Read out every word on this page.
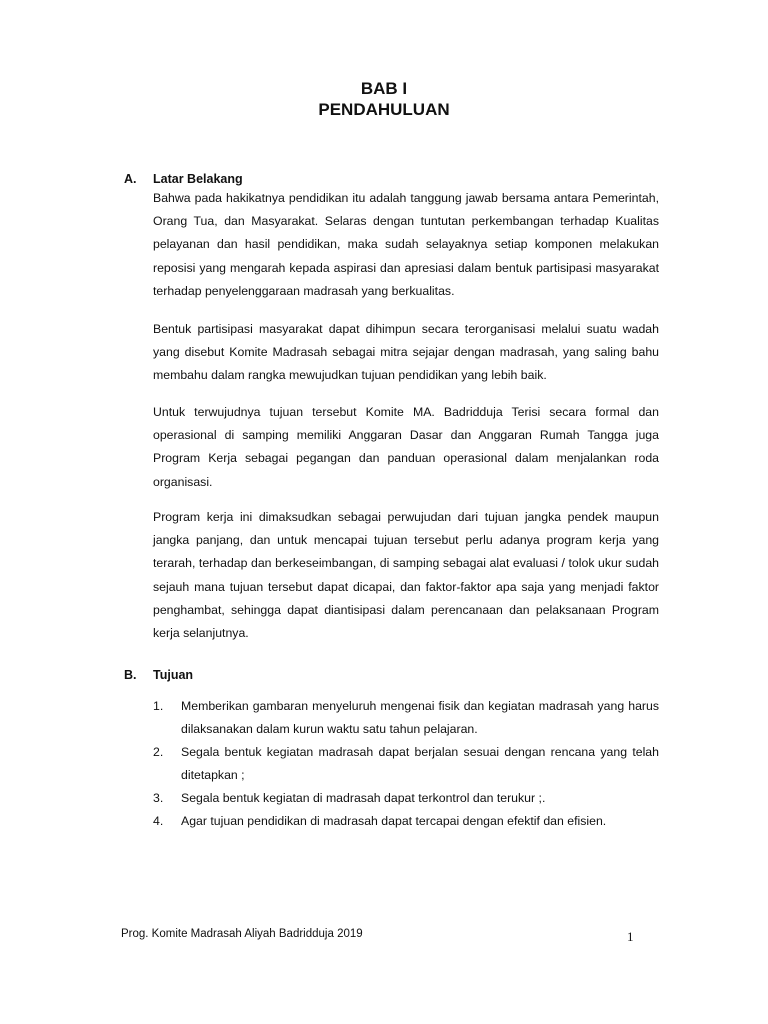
BAB I
PENDAHULUAN
A. Latar Belakang

Bahwa pada hakikatnya pendidikan itu adalah tanggung jawab bersama antara Pemerintah, Orang Tua, dan Masyarakat. Selaras dengan tuntutan perkembangan terhadap Kualitas pelayanan dan hasil pendidikan, maka sudah selayaknya setiap komponen melakukan reposisi yang mengarah kepada aspirasi dan apresiasi dalam bentuk partisipasi masyarakat terhadap penyelenggaraan madrasah yang berkualitas.

Bentuk partisipasi masyarakat dapat dihimpun secara terorganisasi melalui suatu wadah yang disebut Komite Madrasah sebagai mitra sejajar dengan madrasah, yang saling bahu membahu dalam rangka mewujudkan tujuan pendidikan yang lebih baik.

Untuk terwujudnya tujuan tersebut Komite MA. Badridduja Terisi secara formal dan operasional di samping memiliki Anggaran Dasar dan Anggaran Rumah Tangga juga Program Kerja sebagai pegangan dan panduan operasional dalam menjalankan roda organisasi.

Program kerja ini dimaksudkan sebagai perwujudan dari tujuan jangka pendek maupun jangka panjang, dan untuk mencapai tujuan tersebut perlu adanya program kerja yang terarah, terhadap dan berkeseimbangan, di samping sebagai alat evaluasi / tolok ukur sudah sejauh mana tujuan tersebut dapat dicapai, dan faktor-faktor apa saja yang menjadi faktor penghambat, sehingga dapat diantisipasi dalam perencanaan dan pelaksanaan Program kerja selanjutnya.

B. Tujuan
1. Memberikan gambaran menyeluruh mengenai fisik dan kegiatan madrasah yang harus dilaksanakan dalam kurun waktu satu tahun pelajaran.
2. Segala bentuk kegiatan madrasah dapat berjalan sesuai dengan rencana yang telah ditetapkan ;
3. Segala bentuk kegiatan di madrasah dapat terkontrol dan terukur ;.
4. Agar tujuan pendidikan di madrasah dapat tercapai dengan efektif dan efisien.
Prog. Komite Madrasah Aliyah Badridduja 2019	1
